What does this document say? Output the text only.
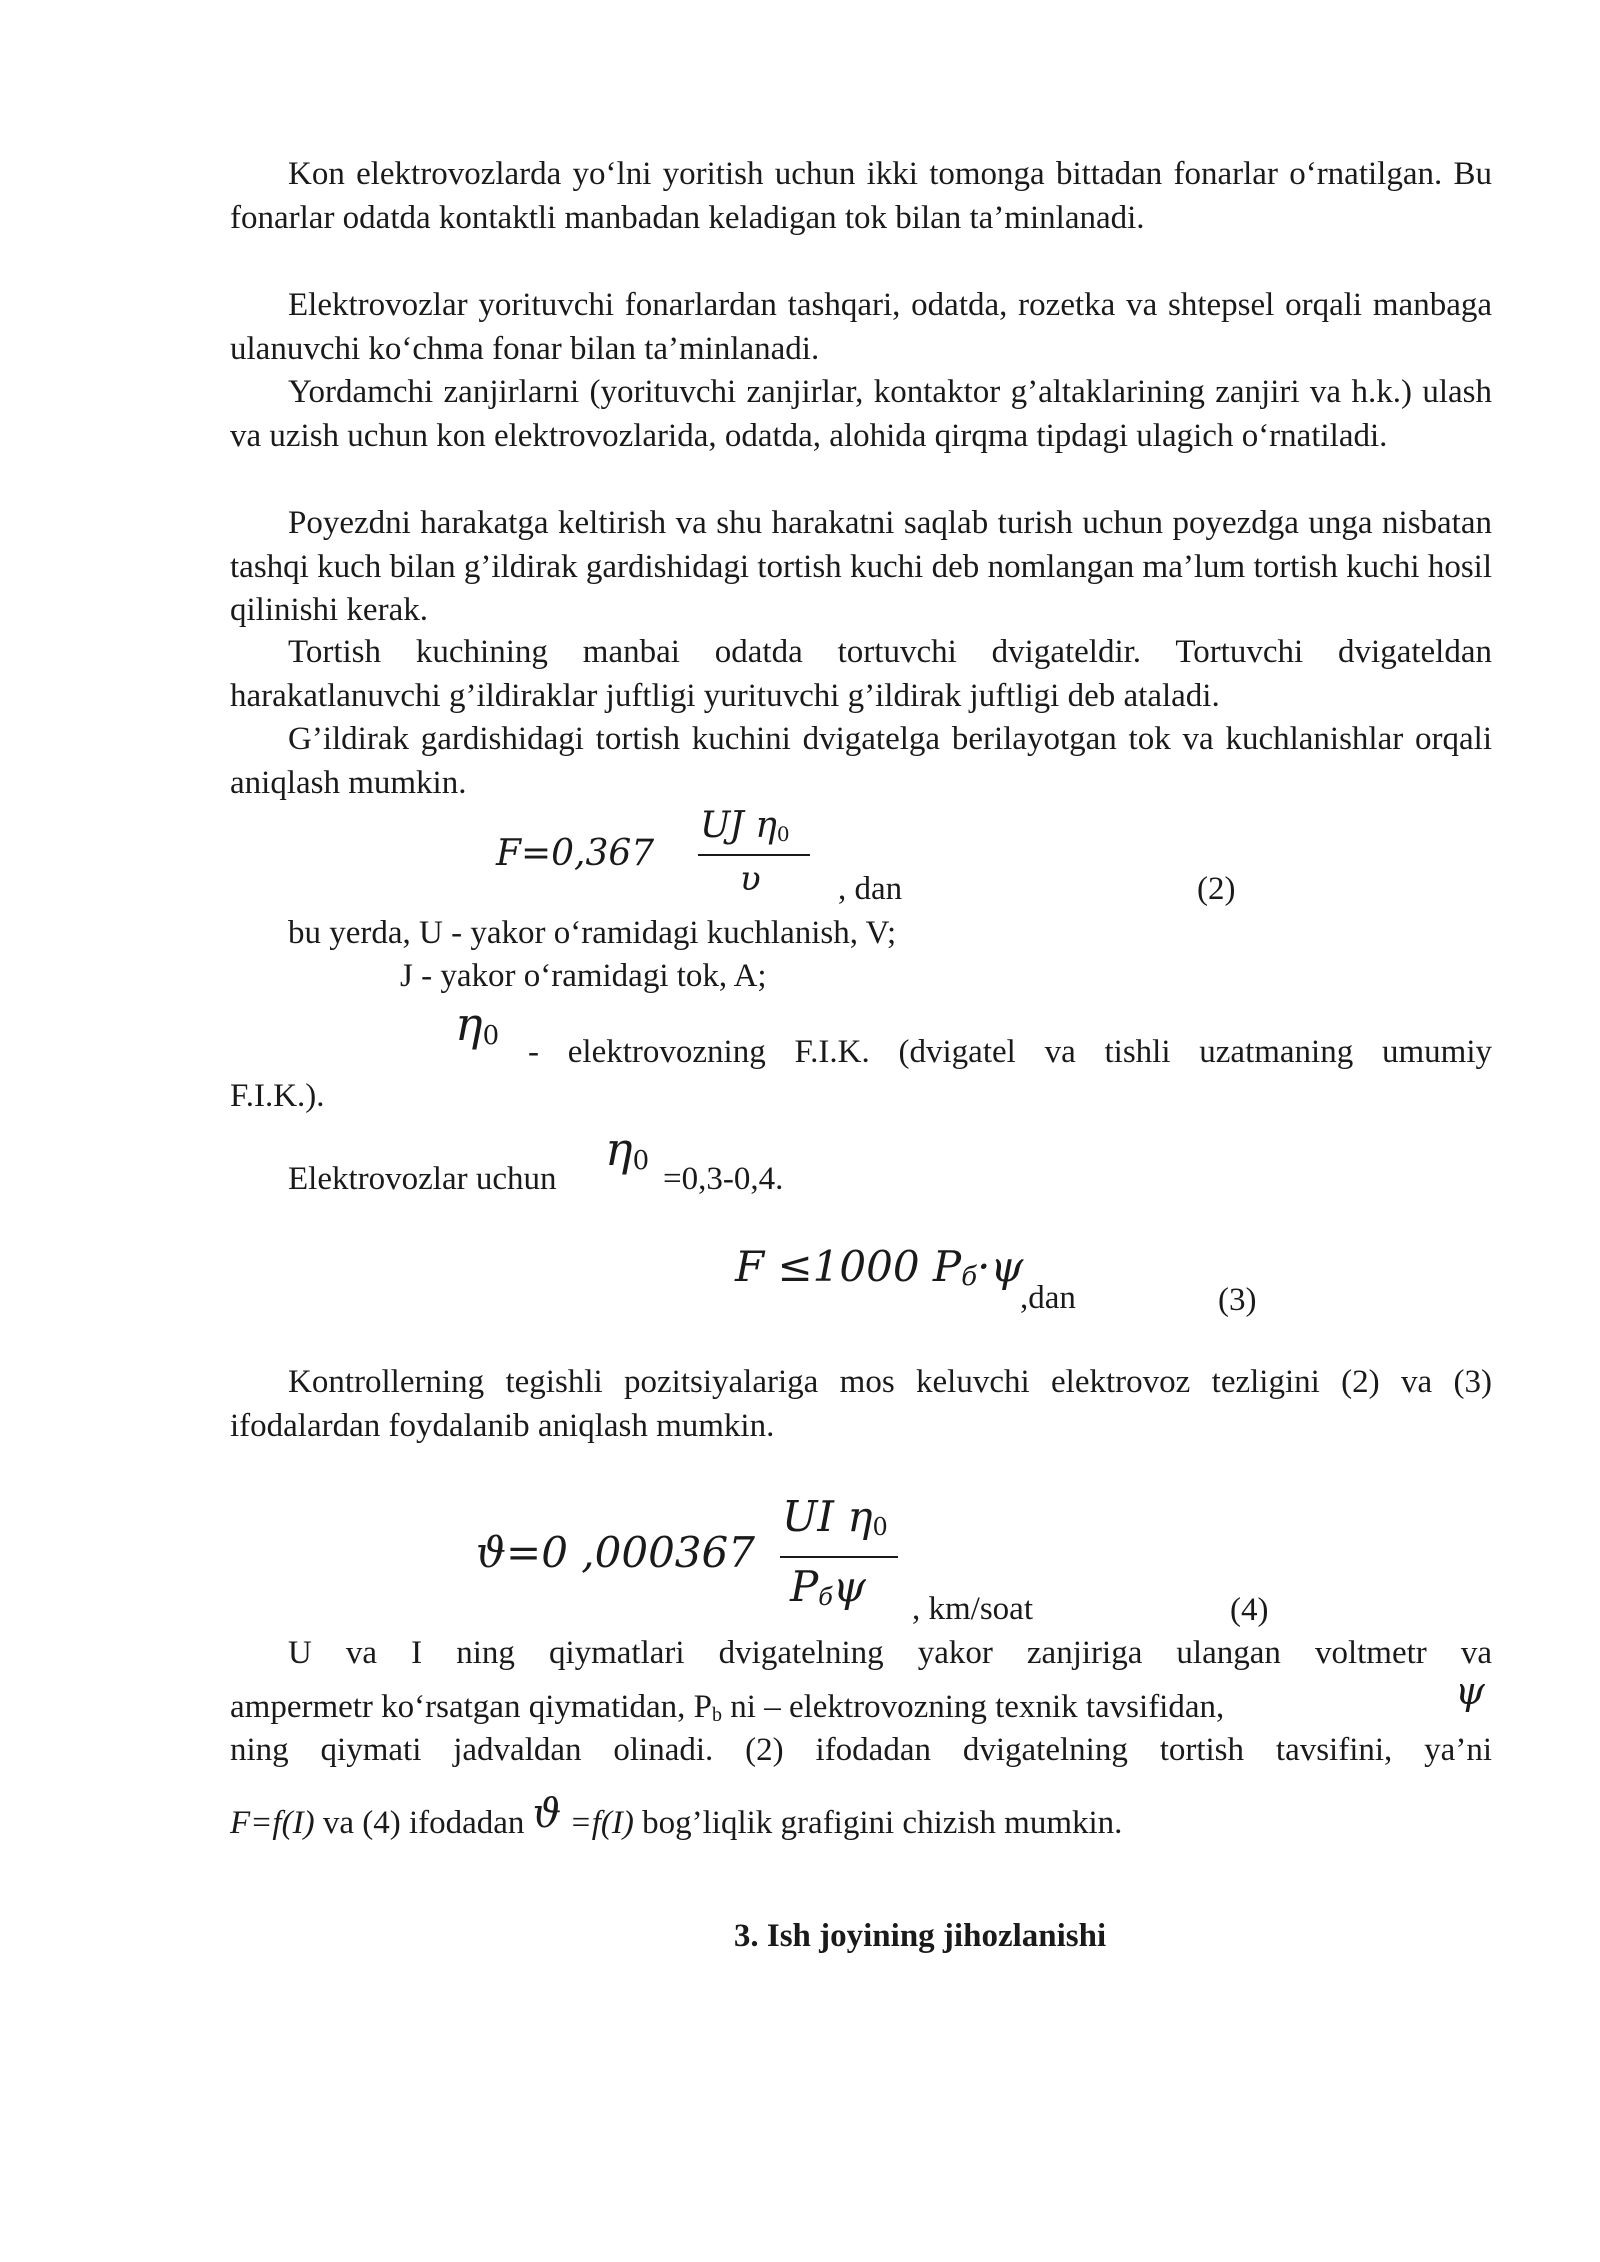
Kon elektrovozlarda yo‘lni yoritish uchun ikki tomonga bittadan fonarlar o‘rnatilgan. Bu fonarlar odatda kontaktli manbadan keladigan tok bilan ta’minlanadi.

Elektrovozlar yorituvchi fonarlardan tashqari, odatda, rozetka va shtepsel orqali manbaga ulanuvchi ko‘chma fonar bilan ta’minlanadi.

Yordamchi zanjirlarni (yorituvchi zanjirlar, kontaktor g’altaklarining zanjiri va h.k.) ulash va uzish uchun kon elektrovozlarida, odatda, alohida qirqma tipdagi ulagich o‘rnatiladi.

Poyezdni harakatga keltirish va shu harakatni saqlab turish uchun poyezdga unga nisbatan tashqi kuch bilan g’ildirak gardishidagi tortish kuchi deb nomlangan ma’lum tortish kuchi hosil qilinishi kerak.

Tortish kuchining manbai odatda tortuvchi dvigateldir. Tortuvchi dvigateldan harakatlanuvchi g’ildiraklar juftligi yurituvchi g’ildirak juftligi deb ataladi.

G’ildirak gardishidagi tortish kuchini dvigatelga berilayotgan tok va kuchlanishlar orqali aniqlash mumkin.

F=0,367
UJ $\eta_0$
υ , dan	(2)
bu yerda, U - yakor o‘ramidagi kuchlanish, V;
J - yakor o‘ramidagi tok, A;
$\eta_0$ - elektrovozning F.I.K. (dvigatel va tishli uzatmaning umumiy
F.I.K.).
Elektrovozlar uchun
$\eta_0 =0,3-0,4$.
F ≤1000 $P_б\cdot\psi$
,dan	(3)

Kontrollerning tegishli pozitsiyalariga mos keluvchi elektrovoz tezligini (2) va (3) ifodalardan foydalanib aniqlash mumkin.

ϑ=0 ,000367
UI $\eta_0$
$P_б\psi$ , km/soat	(4)
U va I ning qiymatlari dvigatelning yakor zanjiriga ulangan voltmetr va
ampermetr ko‘rsatgan qiymatidan, $P_b$ ni – elektrovozning texnik tavsifidan,	ψ
ning qiymati jadvaldan olinadi. (2) ifodadan dvigatelning tortish tavsifini, ya’ni
F=f(I) va (4) ifodadan ϑ =f(I) bog’liqlik grafigini chizish mumkin.
3. Ish joyining jihozlanishi
